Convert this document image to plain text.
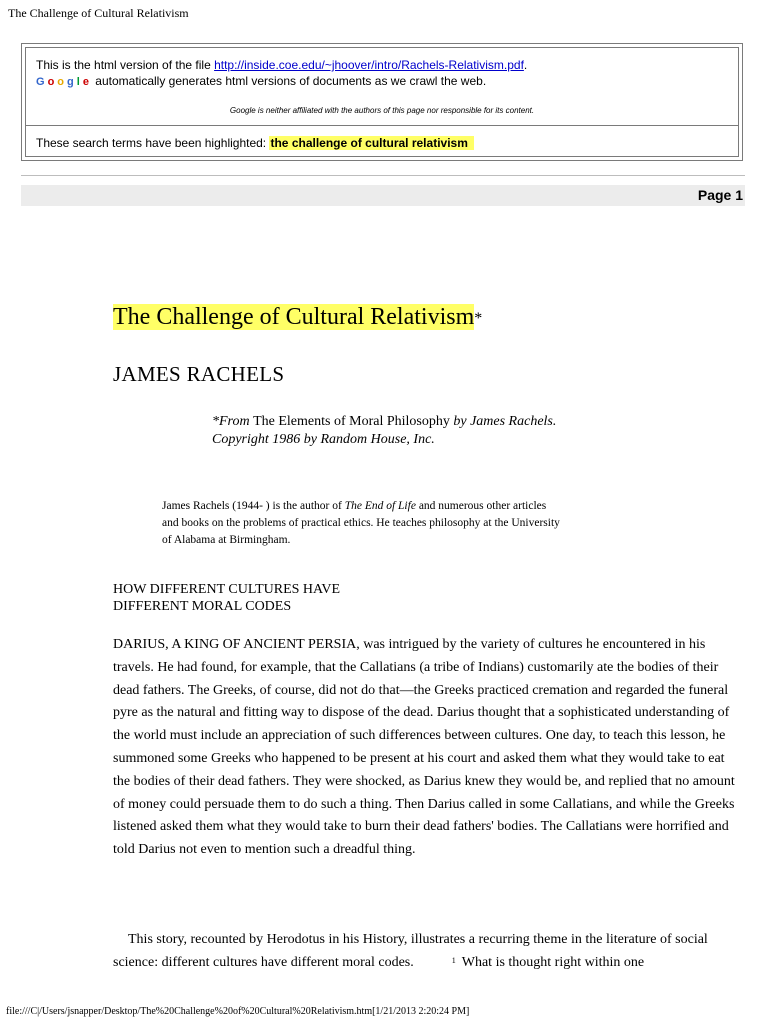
The Challenge of Cultural Relativism
This is the html version of the file http://inside.coe.edu/~jhoover/intro/Rachels-Relativism.pdf.
Google automatically generates html versions of documents as we crawl the web.
Google is neither affiliated with the authors of this page nor responsible for its content.
These search terms have been highlighted: the challenge of cultural relativism
Page 1
The Challenge of Cultural Relativism*
JAMES RACHELS
*From The Elements of Moral Philosophy by James Rachels.
Copyright 1986 by Random House, Inc.
James Rachels (1944- ) is the author of The End of Life and numerous other articles and books on the problems of practical ethics. He teaches philosophy at the University of Alabama at Birmingham.
HOW DIFFERENT CULTURES HAVE
DIFFERENT MORAL CODES

DARIUS, A KING OF ANCIENT PERSIA, was intrigued by the variety of cultures he encountered in his travels. He had found, for example, that the Callatians (a tribe of Indians) customarily ate the bodies of their dead fathers. The Greeks, of course, did not do that—the Greeks practiced cremation and regarded the funeral pyre as the natural and fitting way to dispose of the dead. Darius thought that a sophisticated understanding of the world must include an appreciation of such differences between cultures. One day, to teach this lesson, he summoned some Greeks who happened to be present at his court and asked them what they would take to eat the bodies of their dead fathers. They were shocked, as Darius knew they would be, and replied that no amount of money could persuade them to do such a thing. Then Darius called in some Callatians, and while the Greeks listened asked them what they would take to burn their dead fathers' bodies. The Callatians were horrified and told Darius not even to mention such a dreadful thing.

This story, recounted by Herodotus in his History, illustrates a recurring theme in the literature of social science: different cultures have different moral codes.	$^1$ What is thought right within one

file:///C|/Users/jsnapper/Desktop/The%20Challenge%20of%20Cultural%20Relativism.htm[1/21/2013 2:20:24 PM]
